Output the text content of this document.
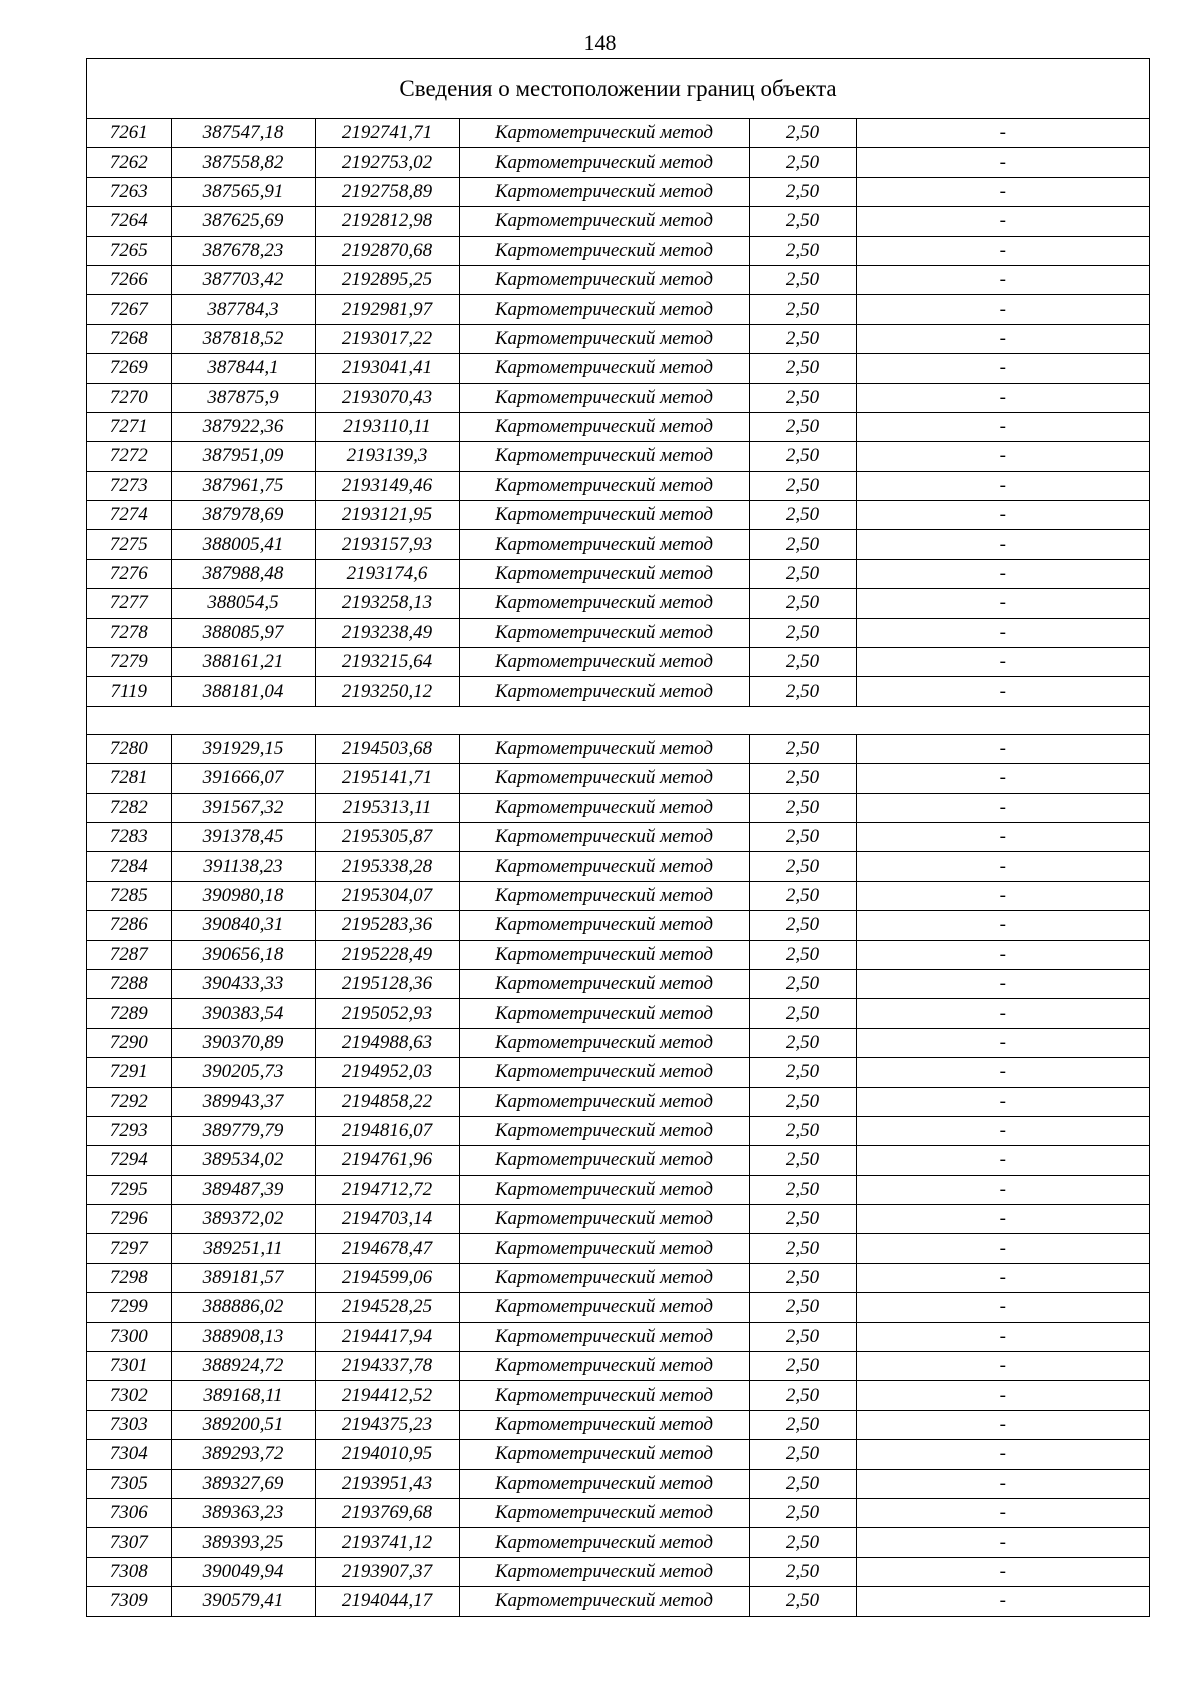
148
Сведения о местоположении границ объекта
7261	387547,18	2192741,71	Картометрический метод	2,50	-
7262	387558,82	2192753,02	Картометрический метод	2,50	-
7263	387565,91	2192758,89	Картометрический метод	2,50	-
7264	387625,69	2192812,98	Картометрический метод	2,50	-
7265	387678,23	2192870,68	Картометрический метод	2,50	-
7266	387703,42	2192895,25	Картометрический метод	2,50	-
7267	387784,3	2192981,97	Картометрический метод	2,50	-
7268	387818,52	2193017,22	Картометрический метод	2,50	-
7269	387844,1	2193041,41	Картометрический метод	2,50	-
7270	387875,9	2193070,43	Картометрический метод	2,50	-
7271	387922,36	2193110,11	Картометрический метод	2,50	-
7272	387951,09	2193139,3	Картометрический метод	2,50	-
7273	387961,75	2193149,46	Картометрический метод	2,50	-
7274	387978,69	2193121,95	Картометрический метод	2,50	-
7275	388005,41	2193157,93	Картометрический метод	2,50	-
7276	387988,48	2193174,6	Картометрический метод	2,50	-
7277	388054,5	2193258,13	Картометрический метод	2,50	-
7278	388085,97	2193238,49	Картометрический метод	2,50	-
7279	388161,21	2193215,64	Картометрический метод	2,50	-
7119	388181,04	2193250,12	Картометрический метод	2,50	-

7280	391929,15	2194503,68	Картометрический метод	2,50	-
7281	391666,07	2195141,71	Картометрический метод	2,50	-
7282	391567,32	2195313,11	Картометрический метод	2,50	-
7283	391378,45	2195305,87	Картометрический метод	2,50	-
7284	391138,23	2195338,28	Картометрический метод	2,50	-
7285	390980,18	2195304,07	Картометрический метод	2,50	-
7286	390840,31	2195283,36	Картометрический метод	2,50	-
7287	390656,18	2195228,49	Картометрический метод	2,50	-
7288	390433,33	2195128,36	Картометрический метод	2,50	-
7289	390383,54	2195052,93	Картометрический метод	2,50	-
7290	390370,89	2194988,63	Картометрический метод	2,50	-
7291	390205,73	2194952,03	Картометрический метод	2,50	-
7292	389943,37	2194858,22	Картометрический метод	2,50	-
7293	389779,79	2194816,07	Картометрический метод	2,50	-
7294	389534,02	2194761,96	Картометрический метод	2,50	-
7295	389487,39	2194712,72	Картометрический метод	2,50	-
7296	389372,02	2194703,14	Картометрический метод	2,50	-
7297	389251,11	2194678,47	Картометрический метод	2,50	-
7298	389181,57	2194599,06	Картометрический метод	2,50	-
7299	388886,02	2194528,25	Картометрический метод	2,50	-
7300	388908,13	2194417,94	Картометрический метод	2,50	-
7301	388924,72	2194337,78	Картометрический метод	2,50	-
7302	389168,11	2194412,52	Картометрический метод	2,50	-
7303	389200,51	2194375,23	Картометрический метод	2,50	-
7304	389293,72	2194010,95	Картометрический метод	2,50	-
7305	389327,69	2193951,43	Картометрический метод	2,50	-
7306	389363,23	2193769,68	Картометрический метод	2,50	-
7307	389393,25	2193741,12	Картометрический метод	2,50	-
7308	390049,94	2193907,37	Картометрический метод	2,50	-
7309	390579,41	2194044,17	Картометрический метод	2,50	-
